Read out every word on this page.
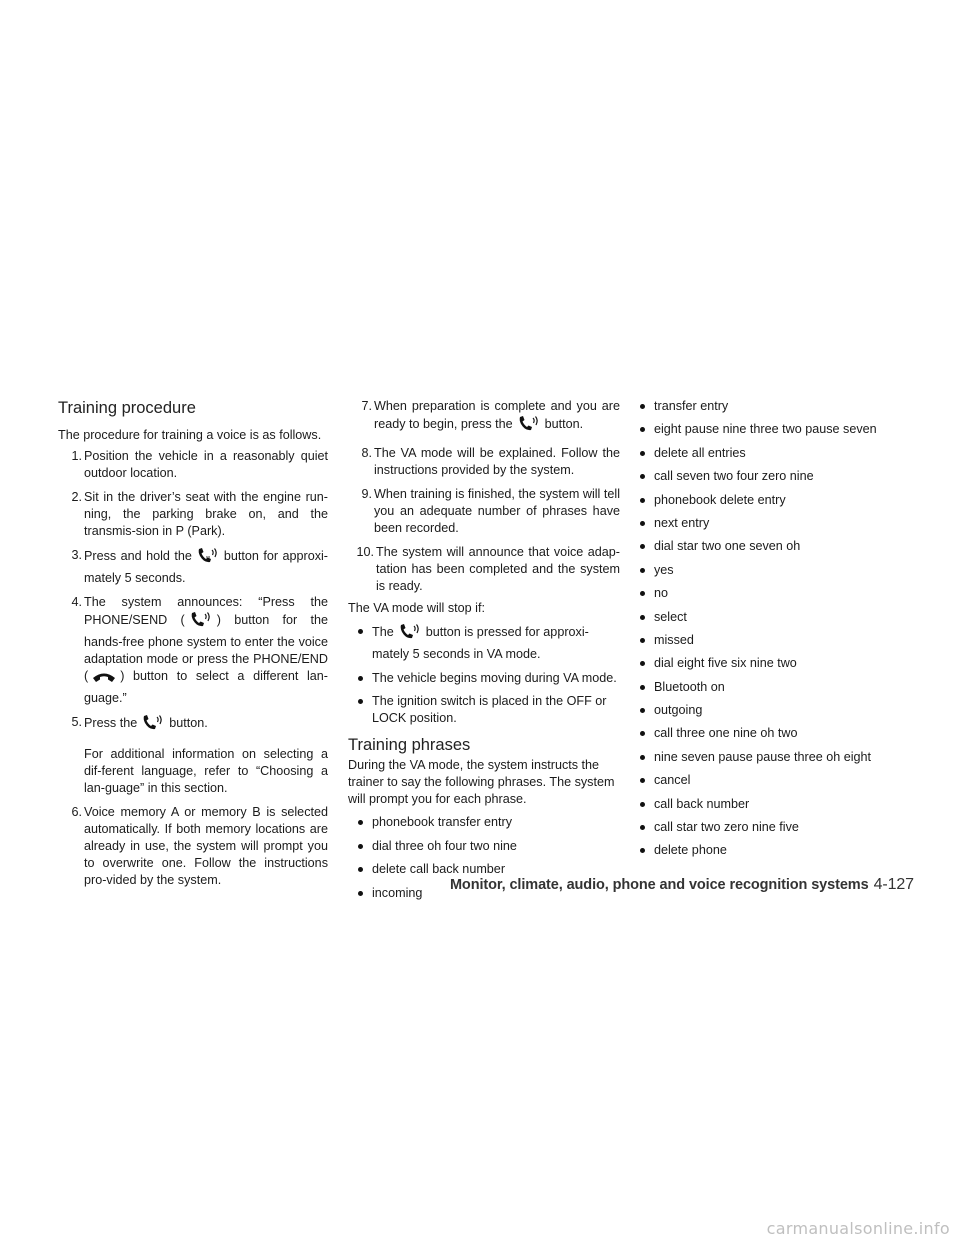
Training procedure

The procedure for training a voice is as follows.

1. Position the vehicle in a reasonably quiet outdoor location.
2. Sit in the driver’s seat with the engine run-ning, the parking brake on, and the transmis-sion in P (Park).
3. Press and hold the	w button for approxi-mately 5 seconds.
4. The system announces: “Press the PHONE/SEND (	) button for the hands-free phone system to enter the voice adaptation mode or press the PHONE/END (	) button to select a different lan-guage.”
5. Press the	button.
For additional information on selecting a dif-ferent language, refer to “Choosing a lan-guage” in this section.
6. Voice memory A or memory B is selected automatically. If both memory locations are already in use, the system will prompt you to overwrite one. Follow the instructions pro-vided by the system.
7. When preparation is complete and you are ready to begin, press the	button.
8. The VA mode will be explained. Follow the instructions provided by the system.
9. When training is finished, the system will tell you an adequate number of phrases have been recorded.
10. The system will announce that voice adap-tation has been completed and the system is ready.

The VA mode will stop if:

The	button is pressed for approxi-mately 5 seconds in VA mode.
The vehicle begins moving during VA mode.
The ignition switch is placed in the OFF or LOCK position.
Training phrases

During the VA mode, the system instructs the trainer to say the following phrases. The system will prompt you for each phrase.

phonebook transfer entry
dial three oh four two nine
delete call back number
incoming
transfer entry
eight pause nine three two pause seven
delete all entries
call seven two four zero nine
phonebook delete entry
next entry
dial star two one seven oh
yes
no
select
missed
dial eight five six nine two
Bluetooth on
outgoing
call three one nine oh two
nine seven pause pause three oh eight
cancel
call back number
call star two zero nine five
delete phone
Monitor, climate, audio, phone and voice recognition systems 4-127
carmanualsonline.info
